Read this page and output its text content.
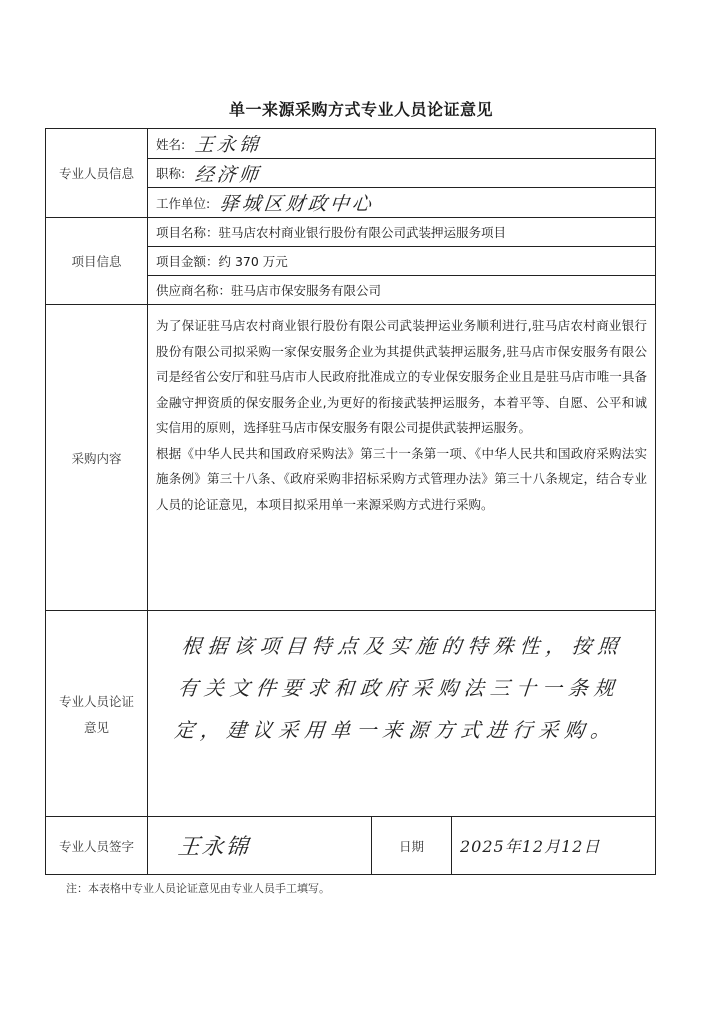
单一来源采购方式专业人员论证意见
专业人员信息	姓名: 王永锦		

	职称: 经济师		

	工作单位: 驿城区财政中心		

项目信息	项目名称：驻马店农村商业银行股份有限公司武装押运服务项目		
	项目金额：约 370 万元		
	供应商名称：驻马店市保安服务有限公司		
采购内容	为了保证驻马店农村商业银行股份有限公司武装押运业务顺利进行,驻马店农村商业银行股份有限公司拟采购一家保安服务企业为其提供武装押运服务,驻马店市保安服务有限公司是经省公安厅和驻马店市人民政府批准成立的专业保安服务企业且是驻马店市唯一具备金融守押资质的保安服务企业,为更好的衔接武装押运服务，本着平等、自愿、公平和诚实信用的原则，选择驻马店市保安服务有限公司提供武装押运服务。

根据《中华人民共和国政府采购法》第三十一条第一项、《中华人民共和国政府采购法实施条例》第三十八条、《政府采购非招标采购方式管理办法》第三十八条规定，结合专业人员的论证意见，本项目拟采用单一来源采购方式进行采购。		

专业人员论证
意见	根据该项目特点及实施的特殊性，按照有关文件要求和政府采购法三十一条规定，建议采用单一来源方式进行采购。		

专业人员签字	王永锦	日期	2025年12月12日
注：本表格中专业人员论证意见由专业人员手工填写。
